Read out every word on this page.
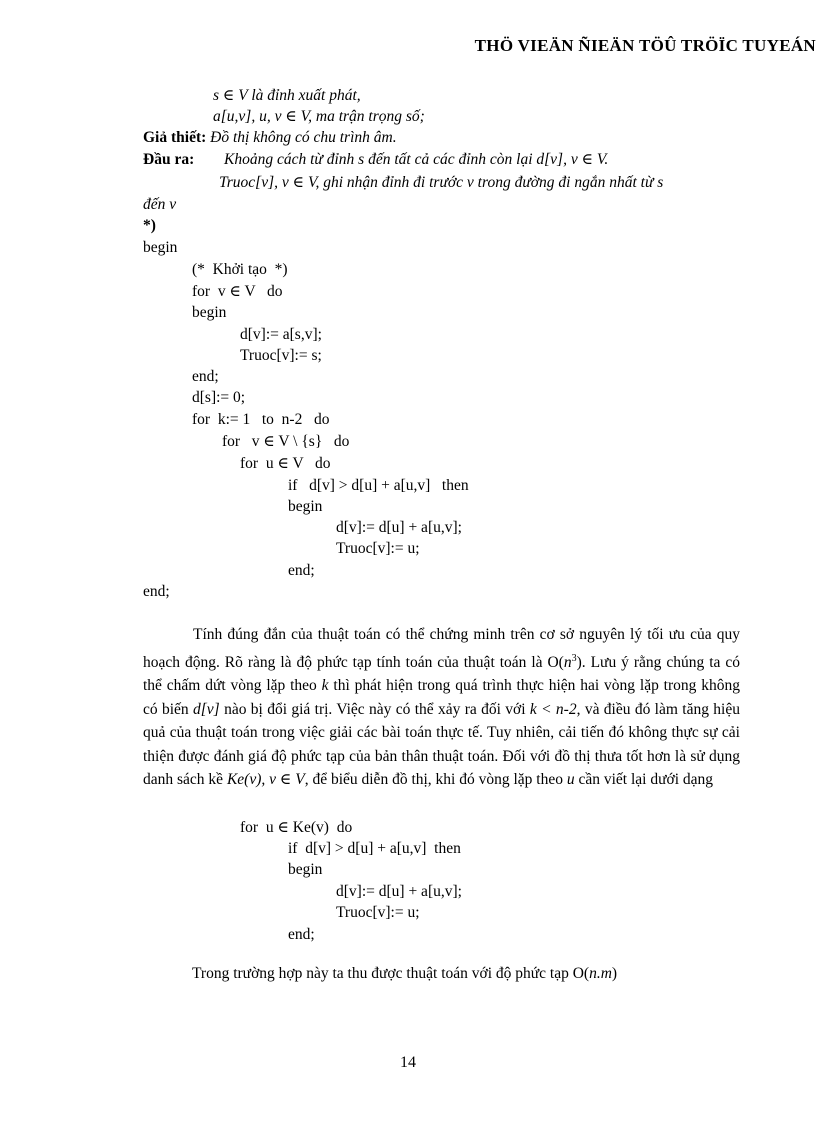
THÖ VIEÄN ÑIEÄN TÖÛ TRÖÏC TUYEÁN
s ∈ V là đỉnh xuất phát,
a[u,v], u, v ∈ V, ma trận trọng số;
Giả thiết: Đồ thị không có chu trình âm.
Đầu ra: Khoảng cách từ đỉnh s đến tất cả các đỉnh còn lại d[v], v ∈ V.
Truoc[v], v ∈ V, ghi nhận đỉnh đi trước v trong đường đi ngắn nhất từ s
đến v
*)
begin
(*  Khởi tạo  *)
for  v ∈ V   do
begin
d[v]:= a[s,v];
Truoc[v]:= s;
end;
d[s]:= 0;
for  k:= 1   to  n-2   do
for   v ∈ V \ {s}   do
for  u ∈ V   do
if   d[v] > d[u] + a[u,v]   then
begin
d[v]:= d[u] + a[u,v];
Truoc[v]:= u;
end;
end;
Tính đúng đắn của thuật toán có thể chứng minh trên cơ sở nguyên lý tối ưu của quy hoạch động. Rõ ràng là độ phức tạp tính toán của thuật toán là $O(n^3)$. Lưu ý rằng chúng ta có thể chấm dứt vòng lặp theo k thì phát hiện trong quá trình thực hiện hai vòng lặp trong không có biến d[v] nào bị đổi giá trị. Việc này có thể xảy ra đối với k < n-2, và điều đó làm tăng hiệu quả của thuật toán trong việc giải các bài toán thực tế. Tuy nhiên, cải tiến đó không thực sự cải thiện được đánh giá độ phức tạp của bản thân thuật toán. Đối với đồ thị thưa tốt hơn là sử dụng danh sách kề Ke(v), v ∈ V, để biểu diễn đồ thị, khi đó vòng lặp theo u cần viết lại dưới dạng
for  u ∈ Ke(v)  do
if  d[v] > d[u] + a[u,v]  then
begin
d[v]:= d[u] + a[u,v];
Truoc[v]:= u;
end;
Trong trường hợp này ta thu được thuật toán với độ phức tạp O(n.m)
14
